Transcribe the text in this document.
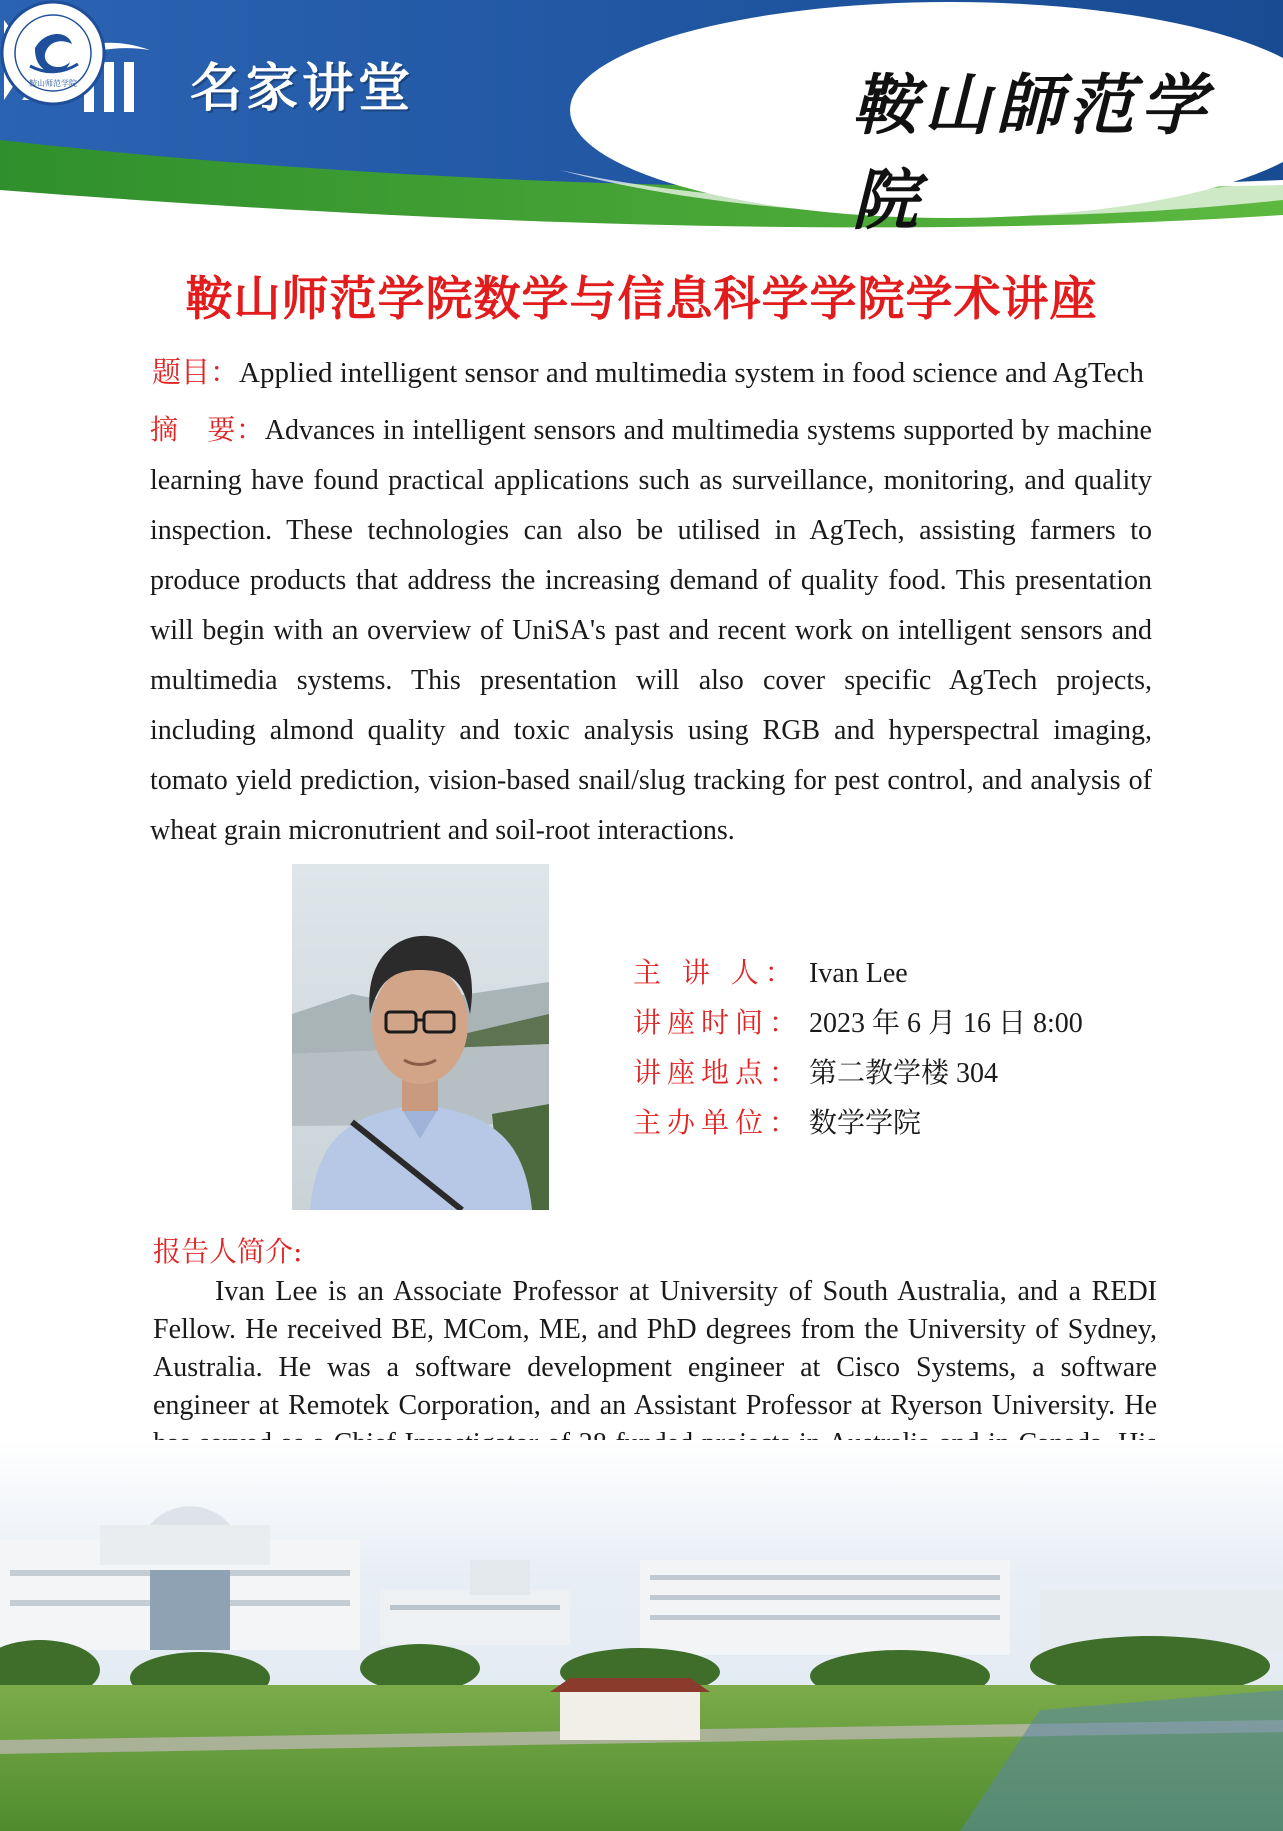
名家讲堂
鞍山师范学院	鞍山師范学院
鞍山师范学院数学与信息科学学院学术讲座
题目：Applied intelligent sensor and multimedia system in food science and AgTech
摘　要：Advances in intelligent sensors and multimedia systems supported by machine learning have found practical applications such as surveillance, monitoring, and quality inspection. These technologies can also be utilised in AgTech, assisting farmers to produce products that address the increasing demand of quality food. This presentation will begin with an overview of UniSA's past and recent work on intelligent sensors and multimedia systems. This presentation will also cover specific AgTech projects, including almond quality and toxic analysis using RGB and hyperspectral imaging, tomato yield prediction, vision-based snail/slug tracking for pest control, and analysis of wheat grain micronutrient and soil-root interactions.
主 讲 人： Ivan Lee
讲座时间： 2023 年 6 月 16 日 8:00
讲座地点： 第二教学楼 304
主办单位： 数学学院
报告人简介:
Ivan Lee is an Associate Professor at University of South Australia, and a REDI Fellow. He received BE, MCom, ME, and PhD degrees from the University of Sydney, Australia. He was a software development engineer at Cisco Systems, a software engineer at Remotek Corporation, and an Assistant Professor at Ryerson University. He
